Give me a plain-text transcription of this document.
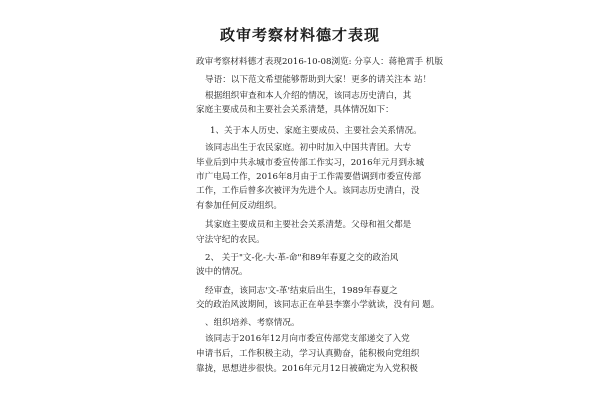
政审考察材料德才表现
政审考察材料德才表现2016-10-08浏览: 分享人：蒋艳霄手 机版
导语：以下范文希望能够帮助到大家！更多的请关注本 站！
根据组织审查和本人介绍的情况，该同志历史清白，其
家庭主要成员和主要社会关系清楚，具体情况如下：
1、关于本人历史、家庭主要成员、主要社会关系情况。
该同志出生于农民家庭。初中时加入中国共青团。大专
毕业后到中共永城市委宣传部工作实习，2016年元月到永城
市广电局工作，2016年8月由于工作需要借调到市委宣传部
工作，工作后曾多次被评为先进个人。该同志历史清白，没
有参加任何反动组织。
其家庭主要成员和主要社会关系清楚。父母和祖父都是
守法守纪的农民。
2、 关于"文-化-大-革-命"和89年春夏之交的政治风
波中的情况。
经审查，该同志'文-革'结束后出生，1989年春夏之
交的政治风波期间，该同志正在单县李寨小学就读，没有问 题。
、组织培养、考察情况。
该同志于2016年12月向市委宣传部党支部递交了入党
申请书后，工作积极主动，学习认真勤奋，能积极向党组织
靠拢，思想进步很快。2016年元月12日被确定为入党积极
